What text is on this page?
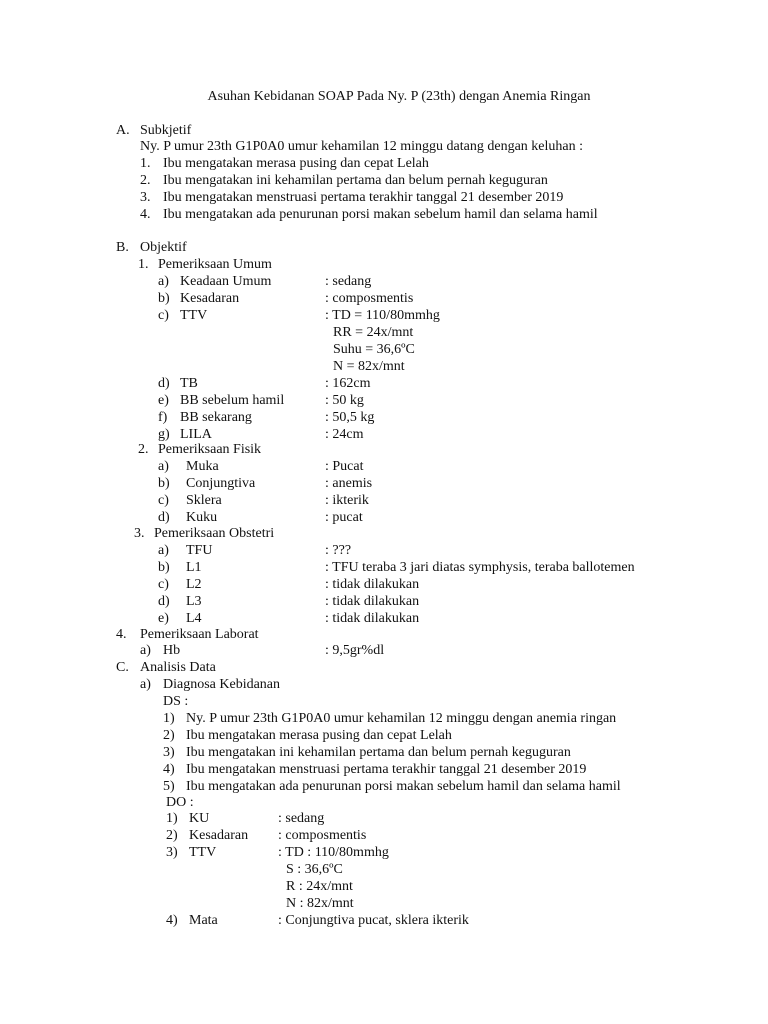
Asuhan Kebidanan SOAP Pada Ny. P (23th) dengan Anemia Ringan
A. Subkjetif
Ny. P umur 23th G1P0A0 umur kehamilan 12 minggu datang dengan keluhan :
1. Ibu mengatakan merasa pusing dan cepat Lelah
2. Ibu mengatakan ini kehamilan pertama dan belum pernah keguguran
3. Ibu mengatakan menstruasi pertama terakhir tanggal 21 desember 2019
4. Ibu mengatakan ada penurunan porsi makan sebelum hamil dan selama hamil
B. Objektif
1. Pemeriksaan Umum
a) Keadaan Umum	: sedang
b) Kesadaran	: composmentis
c) TTV	: TD = 110/80mmhg
RR = 24x/mnt
Suhu = 36,6ºC
N = 82x/mnt
d) TB	: 162cm
e) BB sebelum hamil	: 50 kg
f) BB sekarang	: 50,5 kg
g) LILA	: 24cm
2. Pemeriksaan Fisik
a) Muka	: Pucat
b) Conjungtiva	: anemis
c) Sklera	: ikterik
d) Kuku	: pucat
3. Pemeriksaan Obstetri
a) TFU	: ???
b) L1	: TFU teraba 3 jari diatas symphysis, teraba ballotemen
c) L2	: tidak dilakukan
d) L3	: tidak dilakukan
e) L4	: tidak dilakukan
4. Pemeriksaan Laborat
a) Hb	: 9,5gr%dl
C. Analisis Data
a) Diagnosa Kebidanan
DS :
1) Ny. P umur 23th G1P0A0 umur kehamilan 12 minggu dengan anemia ringan
2) Ibu mengatakan merasa pusing dan cepat Lelah
3) Ibu mengatakan ini kehamilan pertama dan belum pernah keguguran
4) Ibu mengatakan menstruasi pertama terakhir tanggal 21 desember 2019
5) Ibu mengatakan ada penurunan porsi makan sebelum hamil dan selama hamil
DO :
1) KU	: sedang
2) Kesadaran : composmentis
3) TTV	: TD : 110/80mmhg
S : 36,6ºC
R : 24x/mnt
N : 82x/mnt
4) Mata	: Conjungtiva pucat, sklera ikterik
